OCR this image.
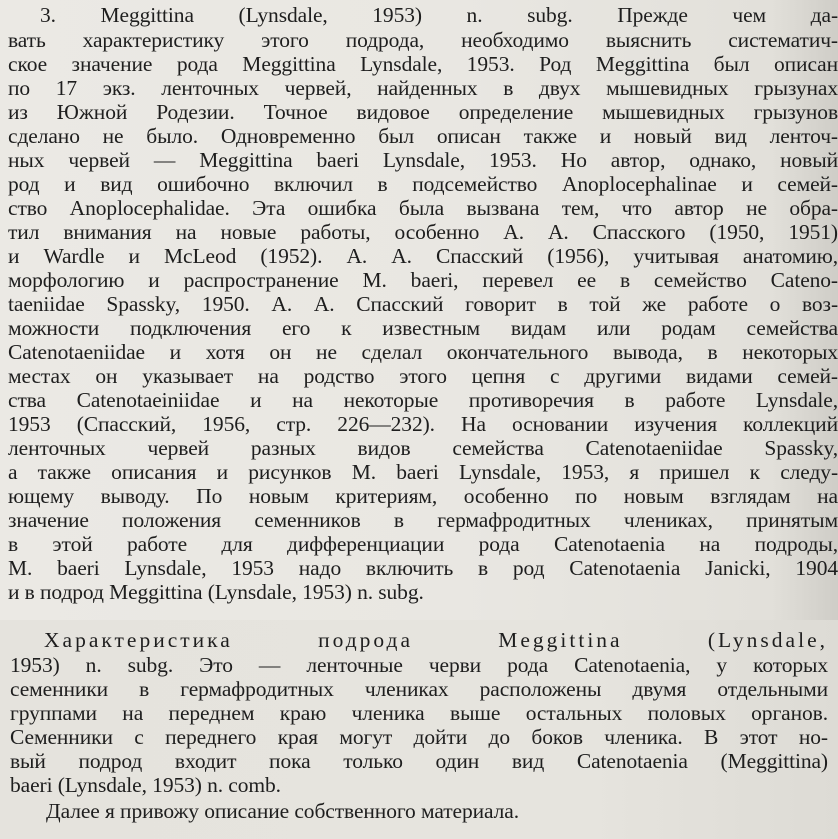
3. Meggittina (Lynsdale, 1953) n. subg. Прежде чем да-
вать характеристику этого подрода, необходимо выяснить систематич-
ское значение рода Meggittina Lynsdale, 1953. Род Meggittina был описан
по 17 экз. ленточных червей, найденных в двух мышевидных грызунах
из Южной Родезии. Точное видовое определение мышевидных грызунов
сделано не было. Одновременно был описан также и новый вид ленточ-
ных червей — Meggittina baeri Lynsdale, 1953. Но автор, однако, новый
род и вид ошибочно включил в подсемейство Anoplocephalinae и семей-
ство Anoplocephalidae. Эта ошибка была вызвана тем, что автор не обра-
тил внимания на новые работы, особенно А. А. Спасского (1950, 1951)
и Wardle и McLeod (1952). А. А. Спасский (1956), учитывая анатомию,
морфологию и распространение M. baeri, перевел ее в семейство Cateno-
taeniidae Spassky, 1950. А. А. Спасский говорит в той же работе о воз-
можности подключения его к известным видам или родам семейства
Catenotaeniidae и хотя он не сделал окончательного вывода, в некоторых
местах он указывает на родство этого цепня с другими видами семей-
ства Catenotaeiniidae и на некоторые противоречия в работе Lynsdale,
1953 (Спасский, 1956, стр. 226—232). На основании изучения коллекций
ленточных червей разных видов семейства Catenotaeniidae Spassky,
а также описания и рисунков M. baeri Lynsdale, 1953, я пришел к следу-
ющему выводу. По новым критериям, особенно по новым взглядам на
значение положения семенников в гермафродитных члениках, принятым
в этой работе для дифференциации рода Catenotaenia на подроды,
M. baeri Lynsdale, 1953 надо включить в род Catenotaenia Janicki, 1904
и в подрод Meggittina (Lynsdale, 1953) n. subg.
Характеристика подрода Meggittina (Lynsdale,
1953) n. subg. Это — ленточные черви рода Catenotaenia, у которых
семенники в гермафродитных члениках расположены двумя отдельными
группами на переднем краю членика выше остальных половых органов.
Семенники с переднего края могут дойти до боков членика. В этот но-
вый подрод входит пока только один вид Catenotaenia (Meggittina)
baeri (Lynsdale, 1953) n. comb.
Далее я привожу описание собственного материала.
